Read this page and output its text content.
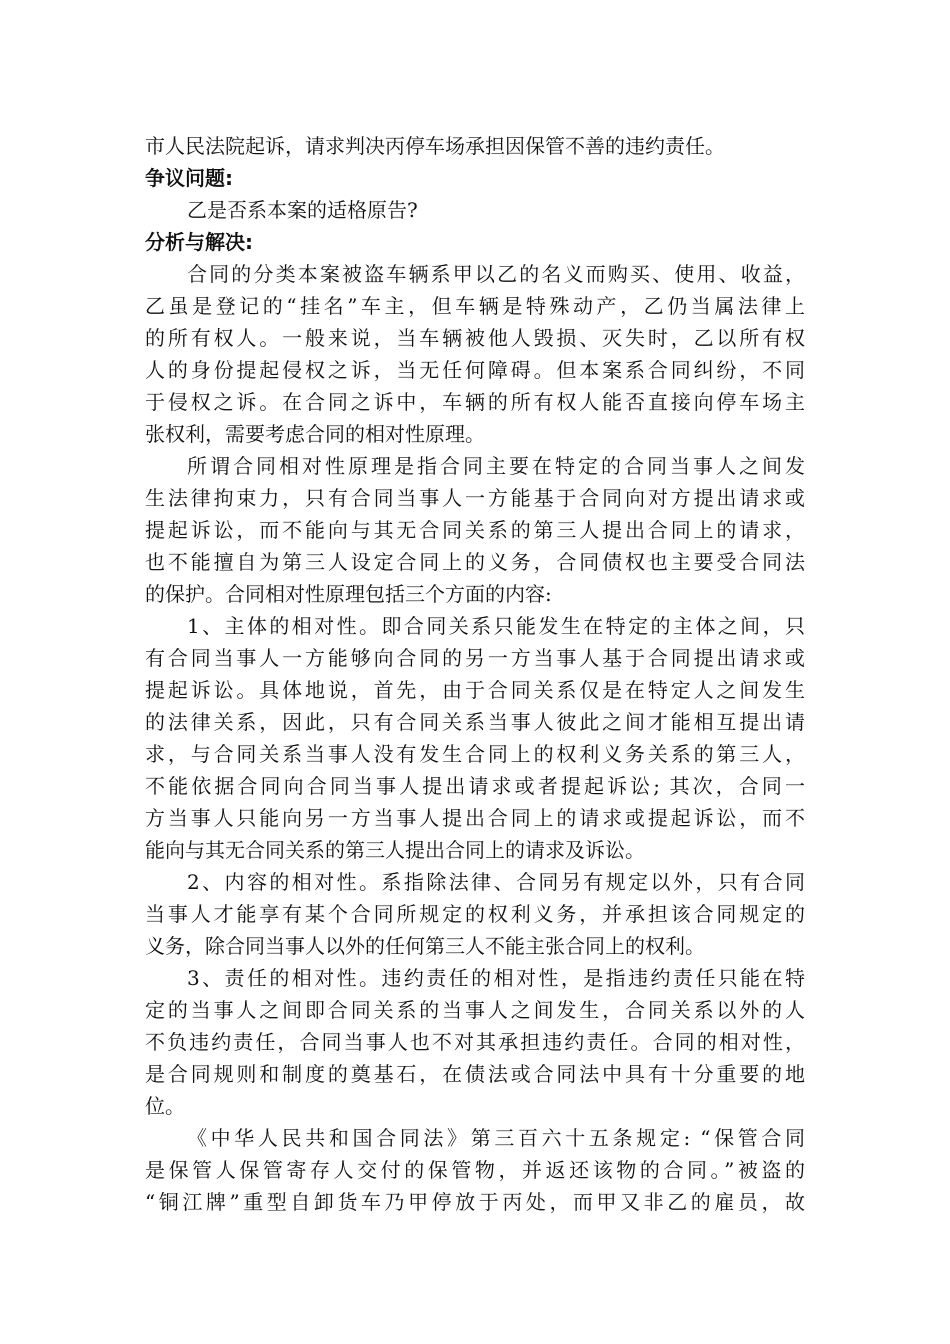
市人民法院起诉，请求判决丙停车场承担因保管不善的违约责任。
争议问题:
乙是否系本案的适格原告?
分析与解决:
合同的分类本案被盗车辆系甲以乙的名义而购买、使用、收益，
乙虽是登记的“挂名”车主，但车辆是特殊动产，乙仍当属法律上
的所有权人。一般来说，当车辆被他人毁损、灭失时，乙以所有权
人的身份提起侵权之诉，当无任何障碍。但本案系合同纠纷，不同
于侵权之诉。在合同之诉中，车辆的所有权人能否直接向停车场主
张权利，需要考虑合同的相对性原理。
所谓合同相对性原理是指合同主要在特定的合同当事人之间发
生法律拘束力，只有合同当事人一方能基于合同向对方提出请求或
提起诉讼，而不能向与其无合同关系的第三人提出合同上的请求，
也不能擅自为第三人设定合同上的义务，合同债权也主要受合同法
的保护。合同相对性原理包括三个方面的内容:
1、主体的相对性。即合同关系只能发生在特定的主体之间，只
有合同当事人一方能够向合同的另一方当事人基于合同提出请求或
提起诉讼。具体地说，首先，由于合同关系仅是在特定人之间发生
的法律关系，因此，只有合同关系当事人彼此之间才能相互提出请
求，与合同关系当事人没有发生合同上的权利义务关系的第三人，
不能依据合同向合同当事人提出请求或者提起诉讼; 其次，合同一
方当事人只能向另一方当事人提出合同上的请求或提起诉讼，而不
能向与其无合同关系的第三人提出合同上的请求及诉讼。
2、内容的相对性。系指除法律、合同另有规定以外，只有合同
当事人才能享有某个合同所规定的权利义务，并承担该合同规定的
义务，除合同当事人以外的任何第三人不能主张合同上的权利。
3、责任的相对性。违约责任的相对性，是指违约责任只能在特
定的当事人之间即合同关系的当事人之间发生，合同关系以外的人
不负违约责任，合同当事人也不对其承担违约责任。合同的相对性，
是合同规则和制度的奠基石，在债法或合同法中具有十分重要的地
位。
《中华人民共和国合同法》第三百六十五条规定: “保管合同
是保管人保管寄存人交付的保管物，并返还该物的合同。”被盗的
“铜江牌”重型自卸货车乃甲停放于丙处，而甲又非乙的雇员，故
